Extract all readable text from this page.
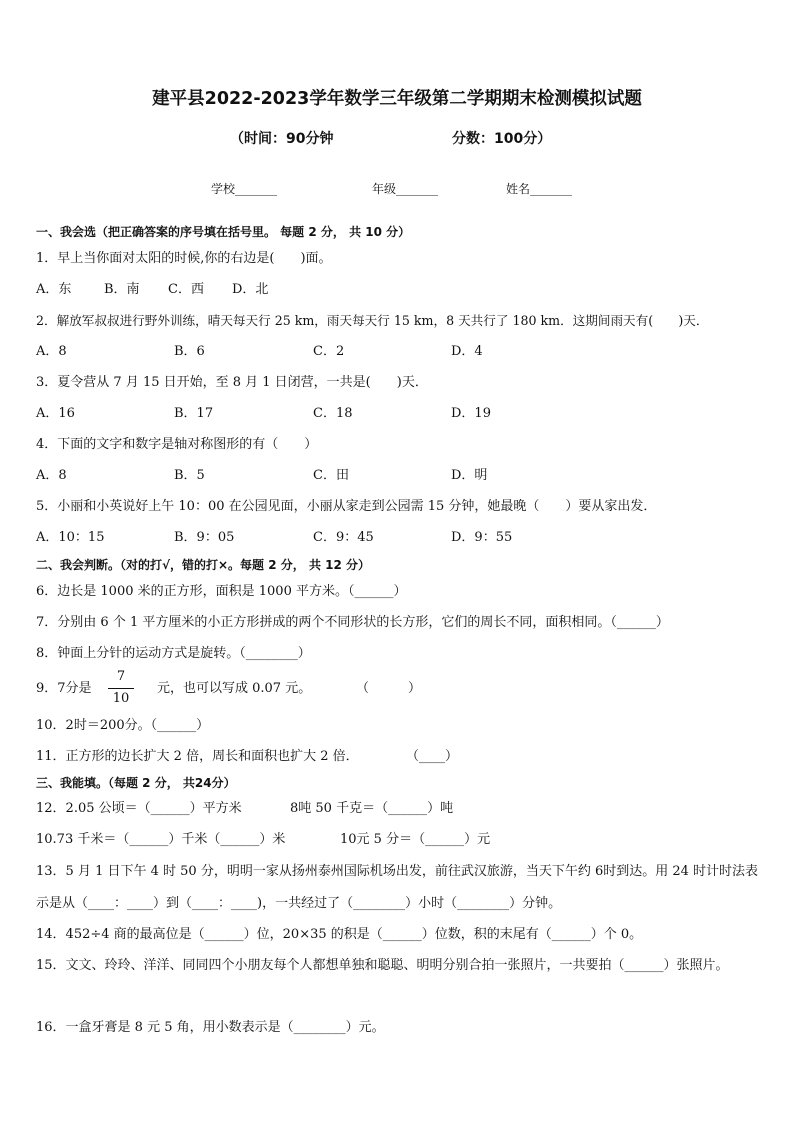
建平县2022-2023学年数学三年级第二学期期末检测模拟试题
（时间：90分钟	分数：100分）
学校_______	年级_______	姓名_______
一、我会选（把正确答案的序号填在括号里。 每题 2 分， 共 10 分）
1．早上当你面对太阳的时候,你的右边是(　　)面。
A．东	B．南 C．西 D．北
2．解放军叔叔进行野外训练，晴天每天行 25 km，雨天每天行 15 km，8 天共行了 180 km．这期间雨天有(　　)天．
A．8	B．6	C．2	D．4
3．夏令营从 7 月 15 日开始，至 8 月 1 日闭营，一共是(　　)天．
A．16	B．17	C．18	D．19
4．下面的文字和数字是轴对称图形的有（　　）
A．8	B．5	C．田	D．明
5．小丽和小英说好上午 10：00 在公园见面，小丽从家走到公园需 15 分钟，她最晚（　　）要从家出发．
A．10：15	B．9：05	C．9：45	D．9：55
二、我会判断。（对的打√，错的打×。每题 2 分， 共 12 分）
6．边长是 1000 米的正方形，面积是 1000 平方米。（______）
7．分别由 6 个 1 平方厘米的小正方形拼成的两个不同形状的长方形，它们的周长不同，面积相同。（______）
8．钟面上分针的运动方式是旋转。（________）
9．7分是
7
10
元，也可以写成 0.07 元。	（　　　）
10．2时＝200分。（______）
11．正方形的边长扩大 2 倍，周长和面积也扩大 2 倍．	（____）
三、我能填。（每题 2 分， 共24分）
12．2.05 公顷＝（______）平方米	8吨 50 千克＝（______）吨
10.73 千米＝（______）千米（______）米	10元 5 分＝（______）元
13．5 月 1 日下午 4 时 50 分，明明一家从扬州泰州国际机场出发，前往武汉旅游，当天下午约 6时到达。用 24 时计时法表示是从（____：____）到（____：____)，一共经过了（________）小时（________）分钟。
14．452÷4 商的最高位是（______）位，20×35 的积是（______）位数，积的末尾有（______）个 0。
15．文文、玲玲、洋洋、同同四个小朋友每个人都想单独和聪聪、明明分别合拍一张照片，一共要拍（______）张照片。
16．一盒牙膏是 8 元 5 角，用小数表示是（________）元。
